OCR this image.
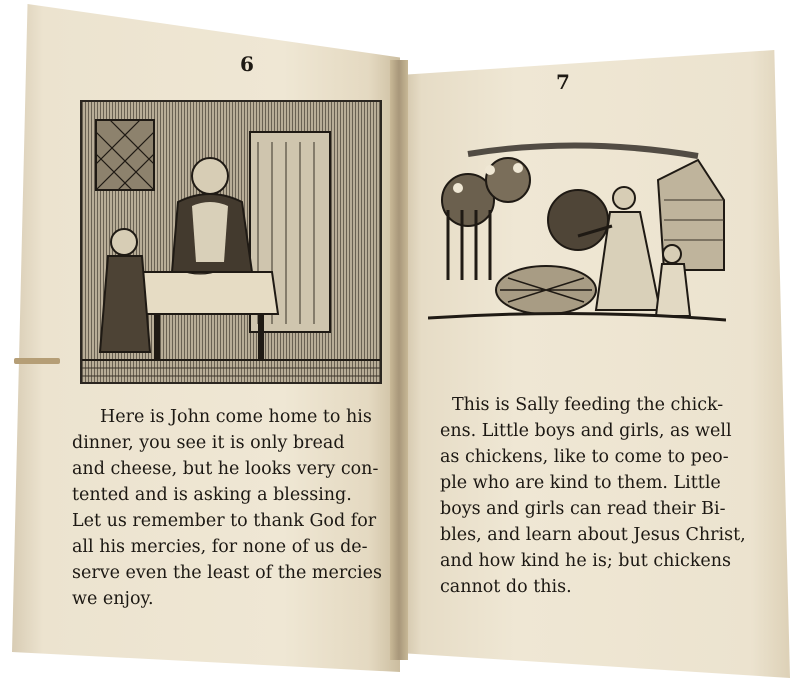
6
7
Here is John come home to his
dinner, you see it is only bread
and cheese, but he looks very con-
tented and is asking a blessing.
Let us remember to thank God for
all his mercies, for none of us de-
serve even the least of the mercies
we enjoy.
This is Sally feeding the chick-
ens. Little boys and girls, as well
as chickens, like to come to peo-
ple who are kind to them. Little
boys and girls can read their Bi-
bles, and learn about Jesus Christ,
and how kind he is; but chickens
cannot do this.
